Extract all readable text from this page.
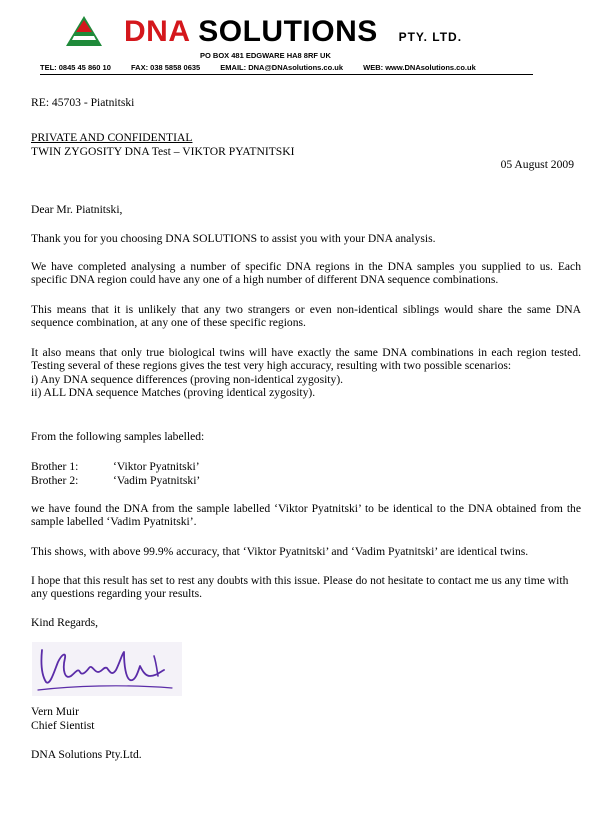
DNA SOLUTIONS PTY. LTD.
PO BOX 481 EDGWARE HA8 8RF UK
TEL: 0845 45 860 10	FAX: 038 5858 0635	EMAIL: DNA@DNAsolutions.co.uk	WEB: www.DNAsolutions.co.uk

RE: 45703 - Piatnitski

PRIVATE AND CONFIDENTIAL

TWIN ZYGOSITY DNA Test – VIKTOR PYATNITSKI

05 August 2009

Dear Mr. Piatnitski,

Thank you for you choosing DNA SOLUTIONS to assist you with your DNA analysis.

We have completed analysing a number of specific DNA regions in the DNA samples you supplied to us. Each specific DNA region could have any one of a high number of different DNA sequence combinations.

This means that it is unlikely that any two strangers or even non-identical siblings would share the same DNA sequence combination, at any one of these specific regions.

It also means that only true biological twins will have exactly the same DNA combinations in each region tested. Testing several of these regions gives the test very high accuracy, resulting with two possible scenarios:
i) Any DNA sequence differences (proving non-identical zygosity).
ii) ALL DNA sequence Matches (proving identical zygosity).

From the following samples labelled:

Brother 1:	‘Viktor Pyatnitski’

Brother 2:	‘Vadim Pyatnitski’

we have found the DNA from the sample labelled ‘Viktor Pyatnitski’ to be identical to the DNA obtained from the sample labelled ‘Vadim Pyatnitski’.

This shows, with above 99.9% accuracy, that ‘Viktor Pyatnitski’ and ‘Vadim Pyatnitski’ are identical twins.

I hope that this result has set to rest any doubts with this issue. Please do not hesitate to contact me us any time with any questions regarding your results.

Kind Regards,

Vern Muir

Chief Sientist

DNA Solutions Pty.Ltd.
